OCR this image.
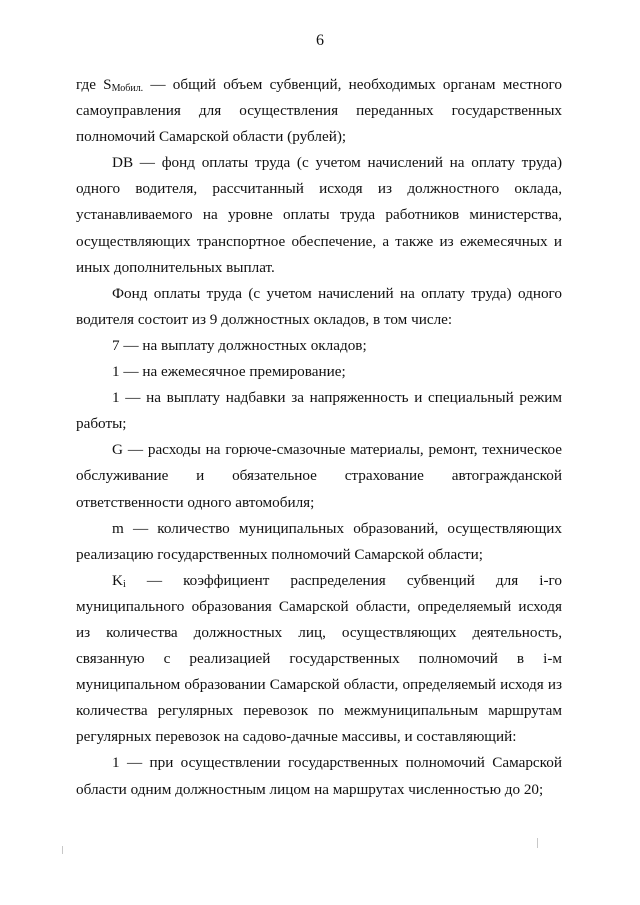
6

где $S_{Мобил.}$ — общий объем субвенций, необходимых органам местного самоуправления для осуществления переданных государственных полномочий Самарской области (рублей);

DB — фонд оплаты труда (с учетом начислений на оплату труда) одного водителя, рассчитанный исходя из должностного оклада, устанавливаемого на уровне оплаты труда работников министерства, осуществляющих транспортное обеспечение, а также из ежемесячных и иных дополнительных выплат.

Фонд оплаты труда (с учетом начислений на оплату труда) одного водителя состоит из 9 должностных окладов, в том числе:

7 — на выплату должностных окладов;

1 — на ежемесячное премирование;

1 — на выплату надбавки за напряженность и специальный режим работы;

G — расходы на горюче-смазочные материалы, ремонт, техническое обслуживание и обязательное страхование автогражданской ответственности одного автомобиля;

m — количество муниципальных образований, осуществляющих реализацию государственных полномочий Самарской области;

$K_i$ — коэффициент распределения субвенций для i-го муниципального образования Самарской области, определяемый исходя из количества должностных лиц, осуществляющих деятельность, связанную с реализацией государственных полномочий в i-м муниципальном образовании Самарской области, определяемый исходя из количества регулярных перевозок по межмуниципальным маршрутам регулярных перевозок на садово-дачные массивы, и составляющий:

1 — при осуществлении государственных полномочий Самарской области одним должностным лицом на маршрутах численностью до 20;
